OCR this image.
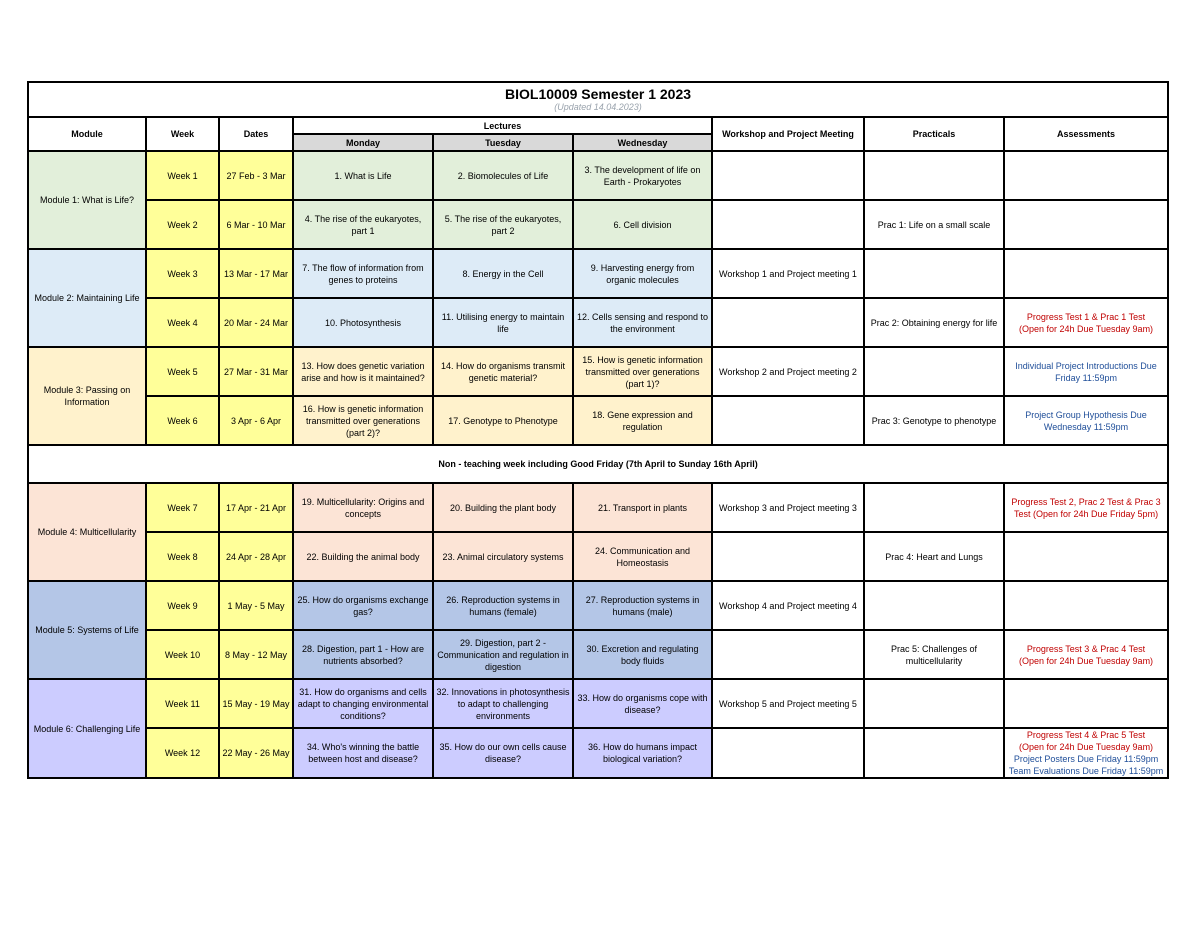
BIOL10009 Semester 1 2023
(Updated 14.04.2023)								

Module	Week	Dates	Lectures			Workshop and Project Meeting	Practicals	Assessments
			Monday	Tuesday	Wednesday			
Module 1: What is Life?	Week 1	27 Feb - 3 Mar	1. What is Life	2. Biomolecules of Life	3. The development of life on Earth - Prokaryotes			
	Week 2	6 Mar - 10 Mar	4. The rise of the eukaryotes, part 1	5. The rise of the eukaryotes, part 2	6. Cell division		Prac 1: Life on a small scale	
Module 2: Maintaining Life	Week 3	13 Mar - 17 Mar	7. The flow of information from genes to proteins	8. Energy in the Cell	9. Harvesting energy from organic molecules	Workshop 1 and Project meeting 1		
	Week 4	20 Mar - 24 Mar	10. Photosynthesis	11. Utilising energy to maintain life	12. Cells sensing and respond to the environment		Prac 2: Obtaining energy for life	Progress Test 1 & Prac 1 Test
(Open for 24h Due Tuesday 9am)

Module 3: Passing on Information	Week 5	27 Mar - 31 Mar	13. How does genetic variation arise and how is it maintained?	14. How do organisms transmit genetic material?	15. How is genetic information transmitted over generations (part 1)?	Workshop 2 and Project meeting 2		Individual Project Introductions Due Friday 11:59pm

	Week 6	3 Apr - 6 Apr	16. How is genetic information transmitted over generations (part 2)?	17. Genotype to Phenotype	18. Gene expression and regulation		Prac 3: Genotype to phenotype	Project Group Hypothesis Due Wednesday 11:59pm

Non - teaching week including Good Friday (7th April to Sunday 16th April)								
Module 4: Multicellularity	Week 7	17 Apr - 21 Apr	19. Multicellularity: Origins and concepts	20. Building the plant body	21. Transport in plants	Workshop 3 and Project meeting 3		Progress Test 2, Prac 2 Test & Prac 3 Test (Open for 24h Due Friday 5pm)

	Week 8	24 Apr - 28 Apr	22. Building the animal body	23. Animal circulatory systems	24. Communication and Homeostasis		Prac 4: Heart and Lungs	
Module 5: Systems of Life	Week 9	1 May - 5 May	25. How do organisms exchange gas?	26. Reproduction systems in humans (female)	27. Reproduction systems in humans (male)	Workshop 4 and Project meeting 4		
	Week 10	8 May - 12 May	28. Digestion, part 1 - How are nutrients absorbed?	29. Digestion, part 2 - Communication and regulation in digestion	30. Excretion and regulating body fluids		Prac 5: Challenges of multicellularity	Progress Test 3 & Prac 4 Test
(Open for 24h Due Tuesday 9am)

Module 6: Challenging Life	Week 11	15 May - 19 May	31. How do organisms and cells adapt to changing environmental conditions?	32. Innovations in photosynthesis to adapt to challenging environments	33. How do organisms cope with disease?	Workshop 5 and Project meeting 5		
	Week 12	22 May - 26 May	34. Who's winning the battle between host and disease?	35. How do our own cells cause disease?	36. How do humans impact biological variation?			Progress Test 4 & Prac 5 Test
(Open for 24h Due Tuesday 9am)
Project Posters Due Friday 11:59pm
Team Evaluations Due Friday 11:59pm
